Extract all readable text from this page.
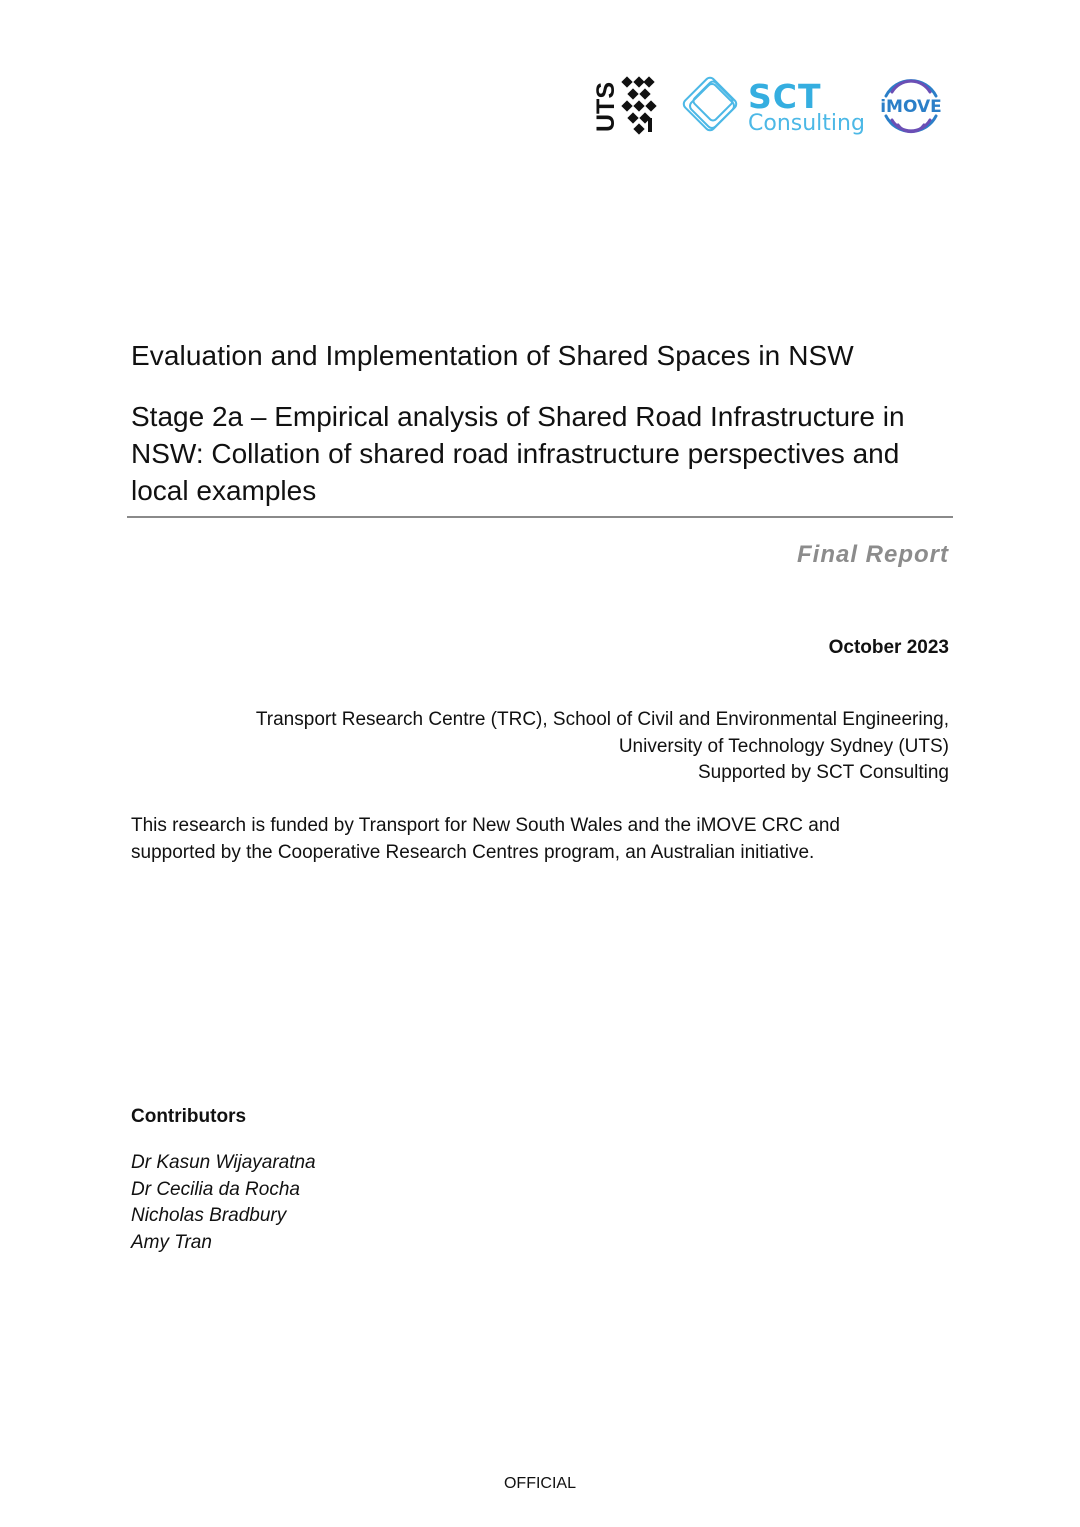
UTS	SCT
Consulting
iMOVE
Evaluation and Implementation of Shared Spaces in NSW
Stage 2a – Empirical analysis of Shared Road Infrastructure in
NSW: Collation of shared road infrastructure perspectives and
local examples
Final Report
October 2023
Transport Research Centre (TRC), School of Civil and Environmental Engineering,
University of Technology Sydney (UTS)
Supported by SCT Consulting
This research is funded by Transport for New South Wales and the iMOVE CRC and
supported by the Cooperative Research Centres program, an Australian initiative.
Contributors
Dr Kasun Wijayaratna
Dr Cecilia da Rocha
Nicholas Bradbury
Amy Tran
OFFICIAL
